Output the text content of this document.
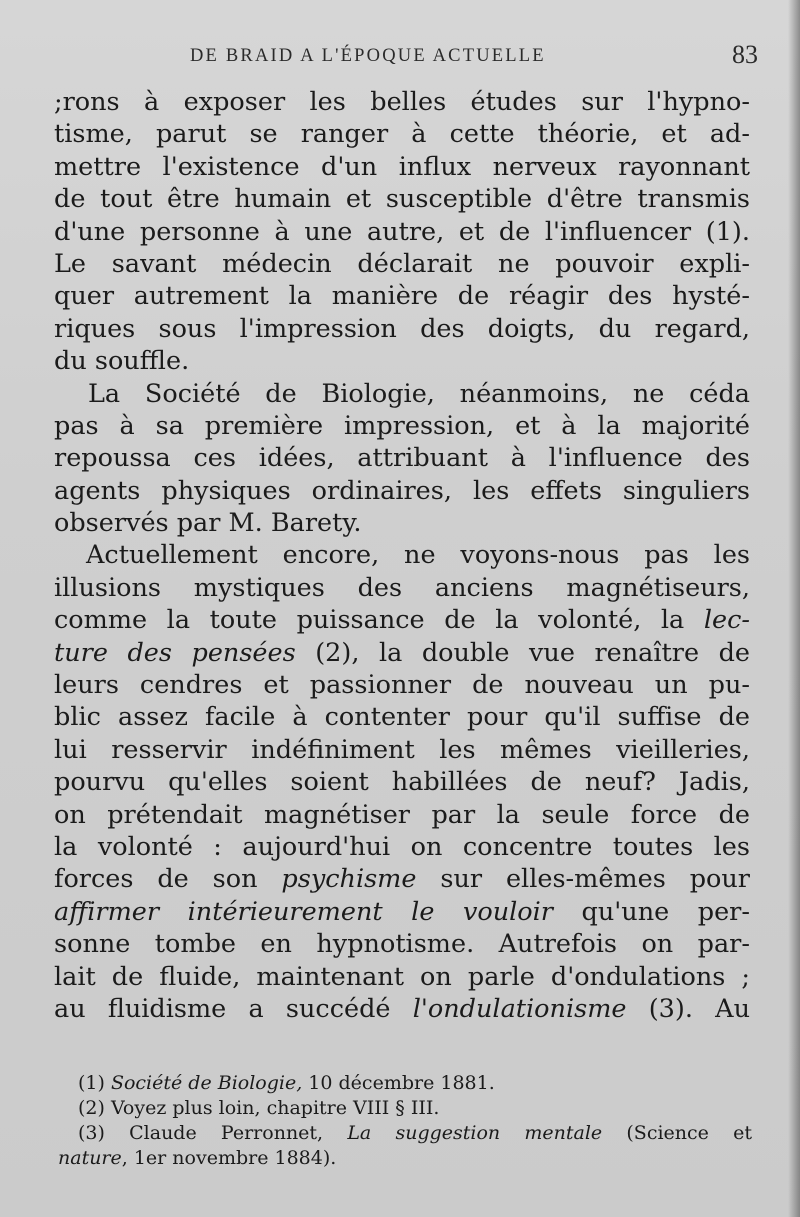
DE BRAID A L'ÉPOQUE ACTUELLE	83
;rons à exposer les belles études sur l'hypno-
tisme, parut se ranger à cette théorie, et ad-
mettre l'existence d'un influx nerveux rayonnant
de tout être humain et susceptible d'être transmis
d'une personne à une autre, et de l'influencer (1).
Le savant médecin déclarait ne pouvoir expli-
quer autrement la manière de réagir des hysté-
riques sous l'impression des doigts, du regard,
du souffle.
La Société de Biologie, néanmoins, ne céda
pas à sa première impression, et à la majorité
repoussa ces idées, attribuant à l'influence des
agents physiques ordinaires, les effets singuliers
observés par M. Barety.
Actuellement encore, ne voyons-nous pas les
illusions mystiques des anciens magnétiseurs,
comme la toute puissance de la volonté, la lec-
ture des pensées (2), la double vue renaître de
leurs cendres et passionner de nouveau un pu-
blic assez facile à contenter pour qu'il suffise de
lui resservir indéfiniment les mêmes vieilleries,
pourvu qu'elles soient habillées de neuf? Jadis,
on prétendait magnétiser par la seule force de
la volonté : aujourd'hui on concentre toutes les
forces de son psychisme sur elles-mêmes pour
affirmer intérieurement le vouloir qu'une per-
sonne tombe en hypnotisme. Autrefois on par-
lait de fluide, maintenant on parle d'ondulations ;
au fluidisme a succédé l'ondulationisme (3). Au
(1) Société de Biologie, 10 décembre 1881.
(2) Voyez plus loin, chapitre VIII § III.
(3) Claude Perronnet, La suggestion mentale (Science et
nature, 1er novembre 1884).
